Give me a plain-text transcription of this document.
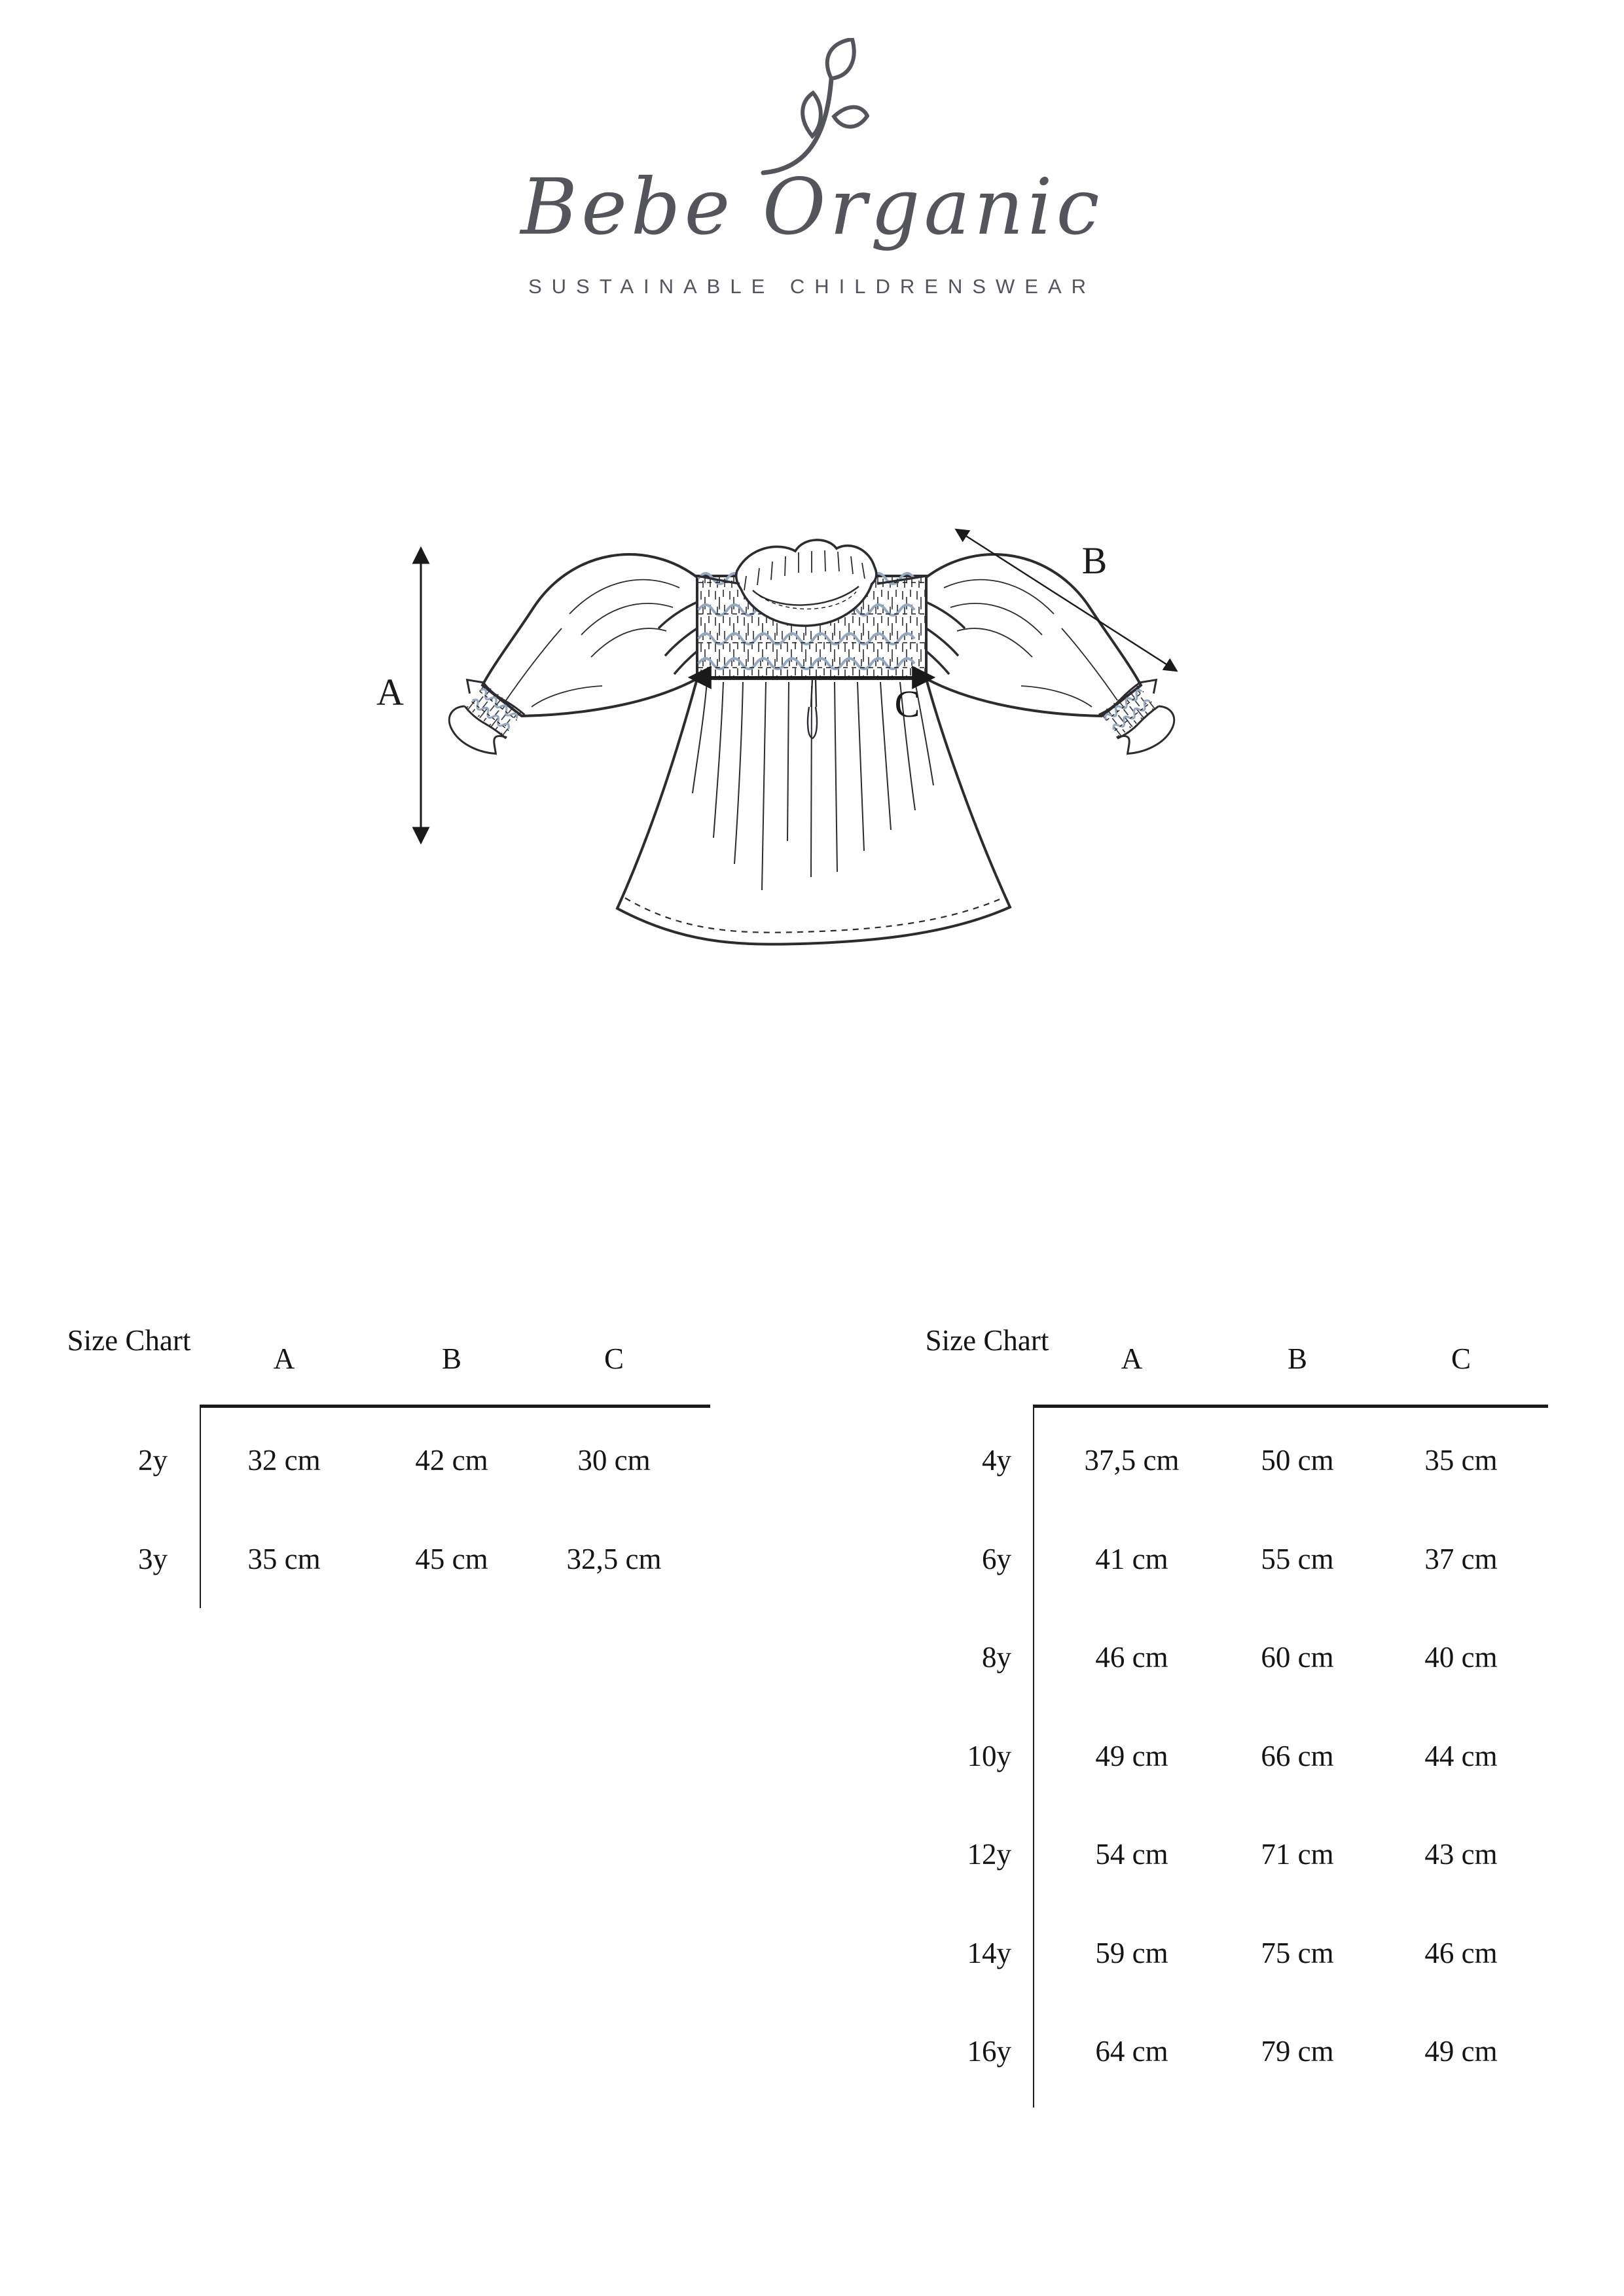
Bebe Organic
SUSTAINABLE CHILDRENSWEAR
A
B
C
Size Chart
A	B	C
2y	32 cm	42 cm	30 cm
3y	35 cm	45 cm	32,5 cm
Size Chart
A	B	C
4y	37,5 cm	50 cm	35 cm
6y	41 cm	55 cm	37 cm
8y	46 cm	60 cm	40 cm
10y	49 cm	66 cm	44 cm
12y	54 cm	71 cm	43 cm
14y	59 cm	75 cm	46 cm
16y	64 cm	79 cm	49 cm
